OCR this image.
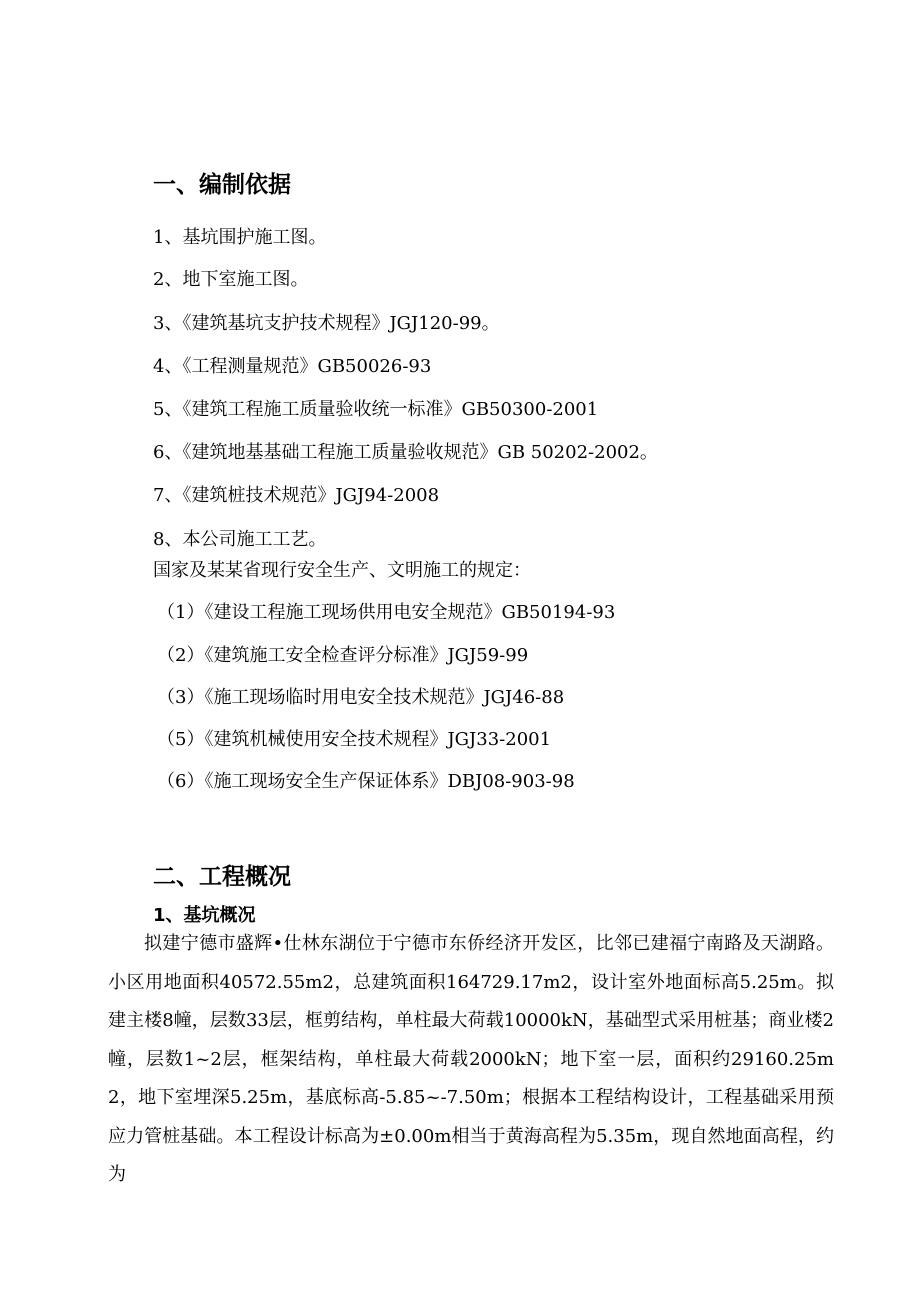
一、编制依据
1、基坑围护施工图。
2、地下室施工图。
3、《建筑基坑支护技术规程》JGJ120-99。
4、《工程测量规范》GB50026-93
5、《建筑工程施工质量验收统一标准》GB50300-2001
6、《建筑地基基础工程施工质量验收规范》GB 50202-2002。
7、《建筑桩技术规范》JGJ94-2008
8、本公司施工工艺。
国家及某某省现行安全生产、文明施工的规定：
（1）《建设工程施工现场供用电安全规范》GB50194-93
（2）《建筑施工安全检查评分标准》JGJ59-99
（3）《施工现场临时用电安全技术规范》JGJ46-88
（5）《建筑机械使用安全技术规程》JGJ33-2001
（6）《施工现场安全生产保证体系》DBJ08-903-98
二、工程概况
1、基坑概况
拟建宁德市盛辉•仕林东湖位于宁德市东侨经济开发区，比邻已建福宁南路及天湖路。小区用地面积40572.55m2，总建筑面积164729.17m2，设计室外地面标高5.25m。拟建主楼8幢，层数33层，框剪结构，单柱最大荷载10000kN，基础型式采用桩基；商业楼2幢，层数1~2层，框架结构，单柱最大荷载2000kN；地下室一层，面积约29160.25m2，地下室埋深5.25m，基底标高-5.85~-7.50m；根据本工程结构设计，工程基础采用预应力管桩基础。本工程设计标高为±0.00m相当于黄海高程为5.35m，现自然地面高程，约为
